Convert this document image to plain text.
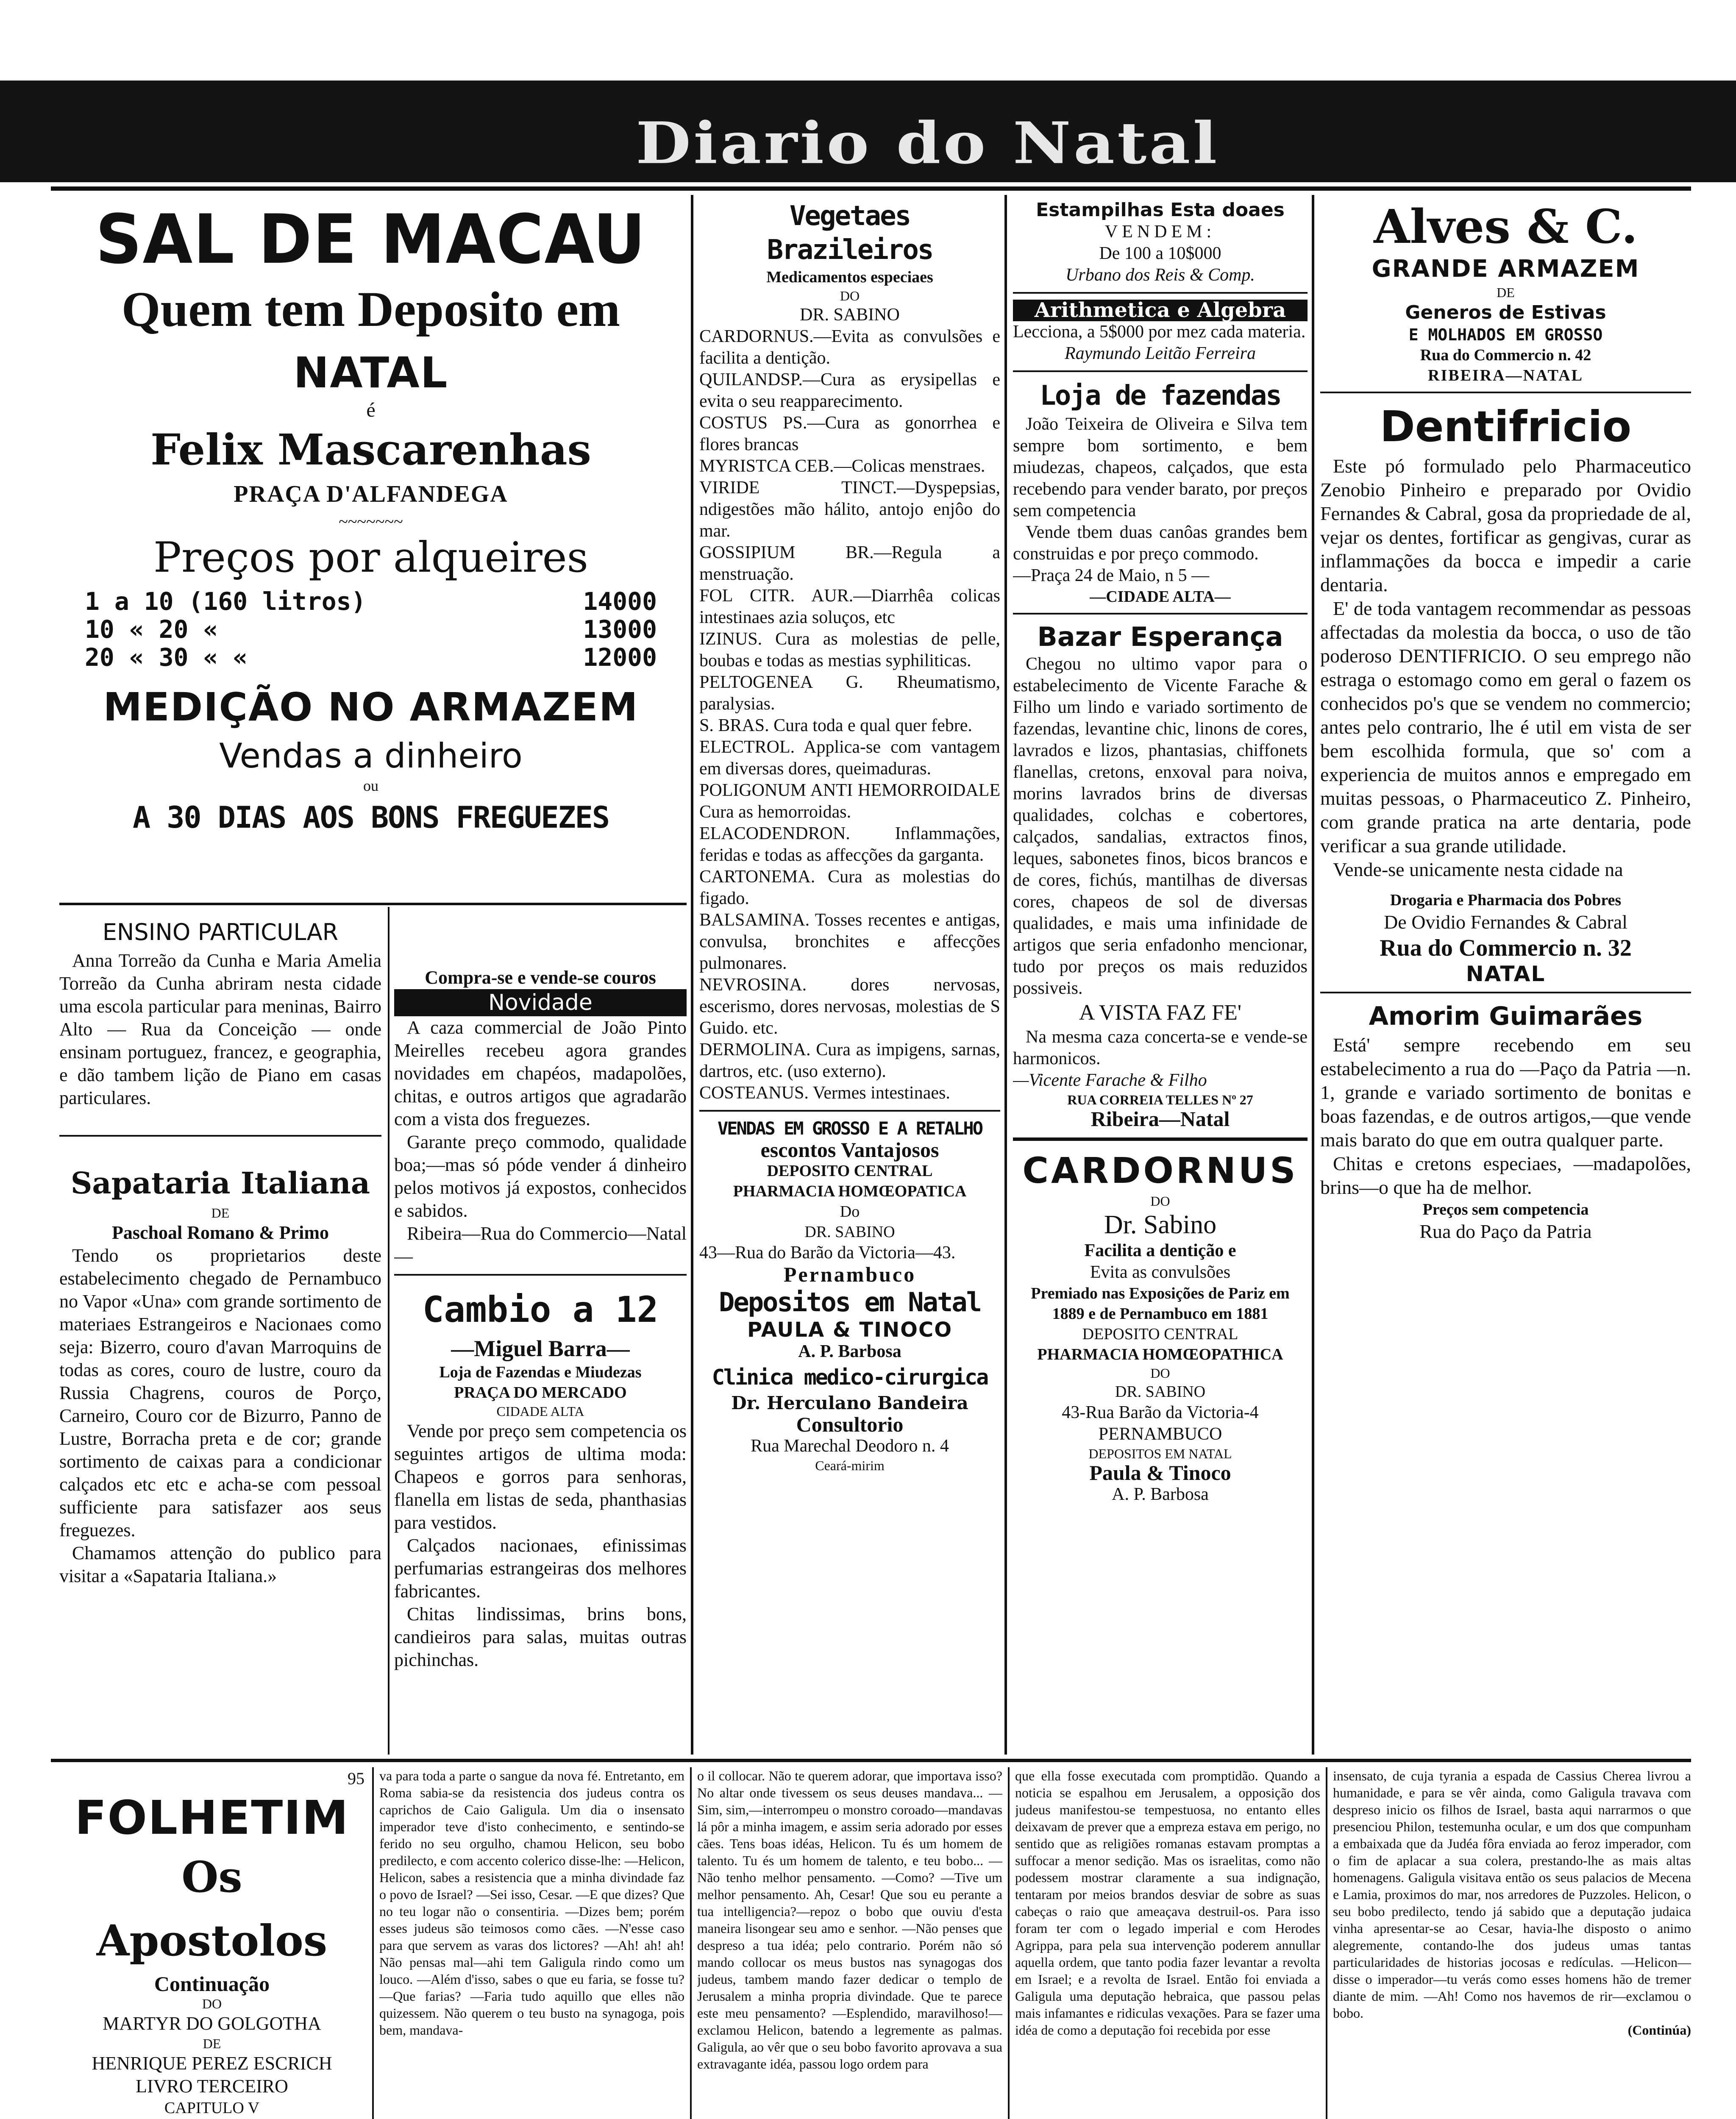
Diario do Natal
SAL DE MACAU
Quem tem Deposito em
NATAL
é
Felix Mascarenhas
PRAÇA D'ALFANDEGA
~~~~~~~
Preços por alqueires
1 a 10 (160 litros)	14000
10 « 20 «	13000
20 « 30 « «	12000
MEDIÇÃO NO ARMAZEM
Vendas a dinheiro
ou
A 30 DIAS AOS BONS FREGUEZES
ENSINO PARTICULAR
Anna Torreão da Cunha e Maria Amelia Torreão da Cunha abriram nesta cidade uma escola particular para meninas, Bairro Alto — Rua da Conceição — onde ensinam portuguez, francez, e geographia, e dão tambem lição de Piano em casas particulares.
Sapataria Italiana
DE
Paschoal Romano & Primo
Tendo os proprietarios deste estabelecimento chegado de Pernambuco no Vapor «Una» com grande sortimento de materiaes Estrangeiros e Nacionaes como seja: Bizerro, couro d'avan Marroquins de todas as cores, couro de lustre, couro da Russia Chagrens, couros de Porço, Carneiro, Couro cor de Bizurro, Panno de Lustre, Borracha preta e de cor; grande sortimento de caixas para a condicionar calçados etc etc e acha-se com pessoal sufficiente para satisfazer aos seus freguezes.
Chamamos attenção do publico para visitar a «Sapataria Italiana.»
Compra-se e vende-se couros
Novidade
A caza commercial de João Pinto Meirelles recebeu agora grandes novidades em chapéos, madapolões, chitas, e outros artigos que agradarão com a vista dos freguezes.
Garante preço commodo, qualidade boa;—mas só póde vender á dinheiro pelos motivos já expostos, conhecidos e sabidos.
Ribeira—Rua do Commercio—Natal—
Cambio a 12
—Miguel Barra—
Loja de Fazendas e Miudezas
PRAÇA DO MERCADO
CIDADE ALTA
Vende por preço sem competencia os seguintes artigos de ultima moda: Chapeos e gorros para senhoras, flanella em listas de seda, phanthasias para vestidos.
Calçados nacionaes, efinissimas perfumarias estrangeiras dos melhores fabricantes.
Chitas lindissimas, brins bons, candieiros para salas, muitas outras pichinchas.
Vegetaes Brazileiros
Medicamentos especiaes
DO
DR. SABINO
CARDORNUS.—Evita as convulsões e facilita a dentição.
QUILANDSP.—Cura as erysipellas e evita o seu reapparecimento.
COSTUS PS.—Cura as gonorrhea e flores brancas
MYRISTCA CEB.—Colicas menstraes.
VIRIDE TINCT.—Dyspepsias, ndigestões mão hálito, antojo enjôo do mar.
GOSSIPIUM BR.—Regula a menstruação.
FOL CITR. AUR.—Diarrhêa colicas intestinaes azia soluços, etc
IZINUS. Cura as molestias de pelle, boubas e todas as mestias syphiliticas.
PELTOGENEA G. Rheumatismo, paralysias.
S. BRAS. Cura toda e qual quer febre.
ELECTROL. Applica-se com vantagem em diversas dores, queimaduras.
POLIGONUM ANTI HEMORROIDALE Cura as hemorroidas.
ELACODENDRON. Inflammações, feridas e todas as affecções da garganta.
CARTONEMA. Cura as molestias do figado.
BALSAMINA. Tosses recentes e antigas, convulsa, bronchites e affecções pulmonares.
NEVROSINA. dores nervosas, escerismo, dores nervosas, molestias de S Guido. etc.
DERMOLINA. Cura as impigens, sarnas, dartros, etc. (uso externo).
COSTEANUS. Vermes intestinaes.
VENDAS EM GROSSO E A RETALHO
escontos Vantajosos
DEPOSITO CENTRAL
PHARMACIA HOMŒOPATICA
Do
DR. SABINO
43—Rua do Barão da Victoria—43.
Pernambuco
Depositos em Natal
PAULA & TINOCO
A. P. Barbosa
Clinica medico-cirurgica
Dr. Herculano Bandeira
Consultorio
Rua Marechal Deodoro n. 4
Ceará-mirim
Estampilhas Esta doaes
VENDEM:
De 100 a 10$000
Urbano dos Reis & Comp.
Arithmetica e Algebra
Lecciona, a 5$000 por mez cada materia.
Raymundo Leitão Ferreira
Loja de fazendas
João Teixeira de Oliveira e Silva tem sempre bom sortimento, e bem miudezas, chapeos, calçados, que esta recebendo para vender barato, por preços sem competencia
Vende tbem duas canôas grandes bem construidas e por preço commodo.
—Praça 24 de Maio, n 5 —
—CIDADE ALTA—
Bazar Esperança
Chegou no ultimo vapor para o estabelecimento de Vicente Farache & Filho um lindo e variado sortimento de fazendas, levantine chic, linons de cores, lavrados e lizos, phantasias, chiffonets flanellas, cretons, enxoval para noiva, morins lavrados brins de diversas qualidades, colchas e cobertores, calçados, sandalias, extractos finos, leques, sabonetes finos, bicos brancos e de cores, fichús, mantilhas de diversas cores, chapeos de sol de diversas qualidades, e mais uma infinidade de artigos que seria enfadonho mencionar, tudo por preços os mais reduzidos possiveis.
A VISTA FAZ FE'
Na mesma caza concerta-se e vende-se harmonicos.
—Vicente Farache & Filho
RUA CORREIA TELLES Nº 27
Ribeira—Natal
CARDORNUS
DO
Dr. Sabino
Facilita a dentição e
Evita as convulsões
Premiado nas Exposições de Pariz em 1889 e de Pernambuco em 1881
DEPOSITO CENTRAL
PHARMACIA HOMŒOPATHICA
DO
DR. SABINO
43-Rua Barão da Victoria-4
PERNAMBUCO
DEPOSITOS EM NATAL
Paula & Tinoco
A. P. Barbosa
Alves & C.
GRANDE ARMAZEM
DE
Generos de Estivas
E MOLHADOS EM GROSSO
Rua do Commercio n. 42
RIBEIRA—NATAL
Dentifricio
Este pó formulado pelo Pharmaceutico Zenobio Pinheiro e preparado por Ovidio Fernandes & Cabral, gosa da propriedade de al, vejar os dentes, fortificar as gengivas, curar as inflammações da bocca e impedir a carie dentaria.
E' de toda vantagem recommendar as pessoas affectadas da molestia da bocca, o uso de tão poderoso DENTIFRICIO. O seu emprego não estraga o estomago como em geral o fazem os conhecidos po's que se vendem no commercio; antes pelo contrario, lhe é util em vista de ser bem escolhida formula, que so' com a experiencia de muitos annos e empregado em muitas pessoas, o Pharmaceutico Z. Pinheiro, com grande pratica na arte dentaria, pode verificar a sua grande utilidade.
Vende-se unicamente nesta cidade na
Drogaria e Pharmacia dos Pobres
De Ovidio Fernandes & Cabral
Rua do Commercio n. 32
NATAL
Amorim Guimarães
Está' sempre recebendo em seu estabelecimento a rua do —Paço da Patria —n. 1, grande e variado sortimento de bonitas e boas fazendas, e de outros artigos,—que vende mais barato do que em outra qualquer parte.
Chitas e cretons especiaes, —madapolões, brins—o que ha de melhor.
Preços sem competencia
Rua do Paço da Patria
95
FOLHETIM
Os Apostolos
Continuação
DO
MARTYR DO GOLGOTHA
DE
HENRIQUE PEREZ ESCRICH
LIVRO TERCEIRO
CAPITULO V
va para toda a parte o sangue da nova fé. Entretanto, em Roma sabia-se da resistencia dos judeus contra os caprichos de Caio Galigula. Um dia o insensato imperador teve d'isto conhecimento, e sentindo-se ferido no seu orgulho, chamou Helicon, seu bobo predilecto, e com accento colerico disse-lhe: —Helicon, Helicon, sabes a resistencia que a minha divindade faz o povo de Israel? —Sei isso, Cesar. —E que dizes? Que no teu logar não o consentiria. —Dizes bem; porém esses judeus são teimosos como cães. —N'esse caso para que servem as varas dos lictores? —Ah! ah! ah! Não pensas mal—ahi tem Galigula rindo como um louco. —Além d'isso, sabes o que eu faria, se fosse tu? —Que farias? —Faria tudo aquillo que elles não quizessem. Não querem o teu busto na synagoga, pois bem, mandava-
o il collocar. Não te querem adorar, que importava isso? No altar onde tivessem os seus deuses mandava... —Sim, sim,—interrompeu o monstro coroado—mandavas lá pôr a minha imagem, e assim seria adorado por esses cães. Tens boas idéas, Helicon. Tu és um homem de talento. Tu és um homem de talento, e teu bobo... —Não tenho melhor pensamento. —Como? —Tive um melhor pensamento. Ah, Cesar! Que sou eu perante a tua intelligencia?—repoz o bobo que ouviu d'esta maneira lisongear seu amo e senhor. —Não penses que despreso a tua idéa; pelo contrario. Porém não só mando collocar os meus bustos nas synagogas dos judeus, tambem mando fazer dedicar o templo de Jerusalem a minha propria divindade. Que te parece este meu pensamento? —Esplendido, maravilhoso!—exclamou Helicon, batendo a legremente as palmas. Galigula, ao vêr que o seu bobo favorito aprovava a sua extravagante idéa, passou logo ordem para
que ella fosse executada com promptidão. Quando a noticia se espalhou em Jerusalem, a opposição dos judeus manifestou-se tempestuosa, no entanto elles deixavam de prever que a empreza estava em perigo, no sentido que as religiões romanas estavam promptas a suffocar a menor sedição. Mas os israelitas, como não podessem mostrar claramente a sua indignação, tentaram por meios brandos desviar de sobre as suas cabeças o raio que ameaçava destruil-os. Para isso foram ter com o legado imperial e com Herodes Agrippa, para pela sua intervenção poderem annullar aquella ordem, que tanto podia fazer levantar a revolta em Israel; e a revolta de Israel. Então foi enviada a Galigula uma deputação hebraica, que passou pelas mais infamantes e ridiculas vexações. Para se fazer uma idéa de como a deputação foi recebida por esse
insensato, de cuja tyrania a espada de Cassius Cherea livrou a humanidade, e para se vêr ainda, como Galigula travava com despreso inicio os filhos de Israel, basta aqui narrarmos o que presenciou Philon, testemunha ocular, e um dos que compunham a embaixada que da Judéa fôra enviada ao feroz imperador, com o fim de aplacar a sua colera, prestando-lhe as mais altas homenagens. Galigula visitava então os seus palacios de Mecena e Lamia, proximos do mar, nos arredores de Puzzoles. Helicon, o seu bobo predilecto, tendo já sabido que a deputação judaica vinha apresentar-se ao Cesar, havia-lhe disposto o animo alegremente, contando-lhe dos judeus umas tantas particularidades de historias jocosas e redículas. —Helicon—disse o imperador—tu verás como esses homens hão de tremer diante de mim. —Ah! Como nos havemos de rir—exclamou o bobo.
(Continúa)
